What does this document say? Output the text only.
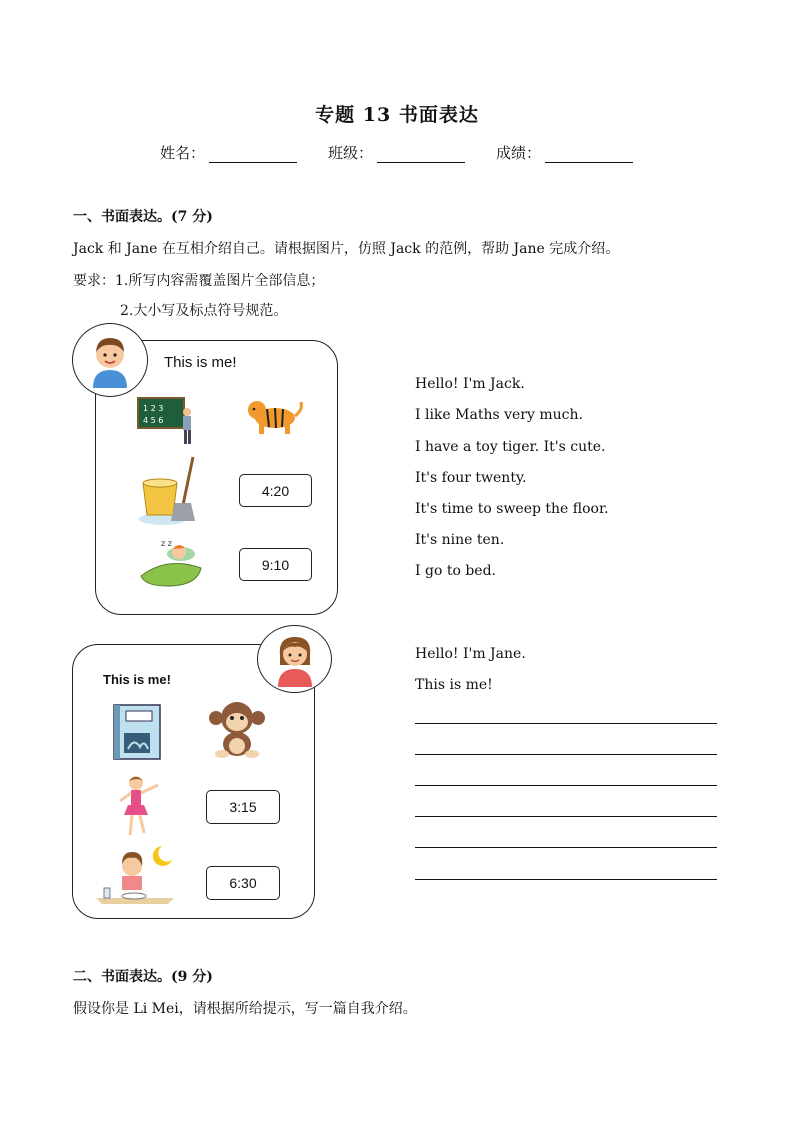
专题 13 书面表达
姓名：	班级：	成绩：
一、书面表达。(7 分)
Jack 和 Jane 在互相介绍自己。请根据图片，仿照 Jack 的范例，帮助 Jane 完成介绍。
要求：1.所写内容需覆盖图片全部信息；
2.大小写及标点符号规范。
This is me!
1 2 3
4 5 6
4:20
z z
9:10
Hello! I'm Jack.
I like Maths very much.
I have a toy tiger. It's cute.
It's four twenty.
It's time to sweep the floor.
It's nine ten.
I go to bed.
This is me!
3:15
6:30
Hello! I'm Jane.
This is me!
二、书面表达。(9 分)
假设你是 Li Mei，请根据所给提示，写一篇自我介绍。
